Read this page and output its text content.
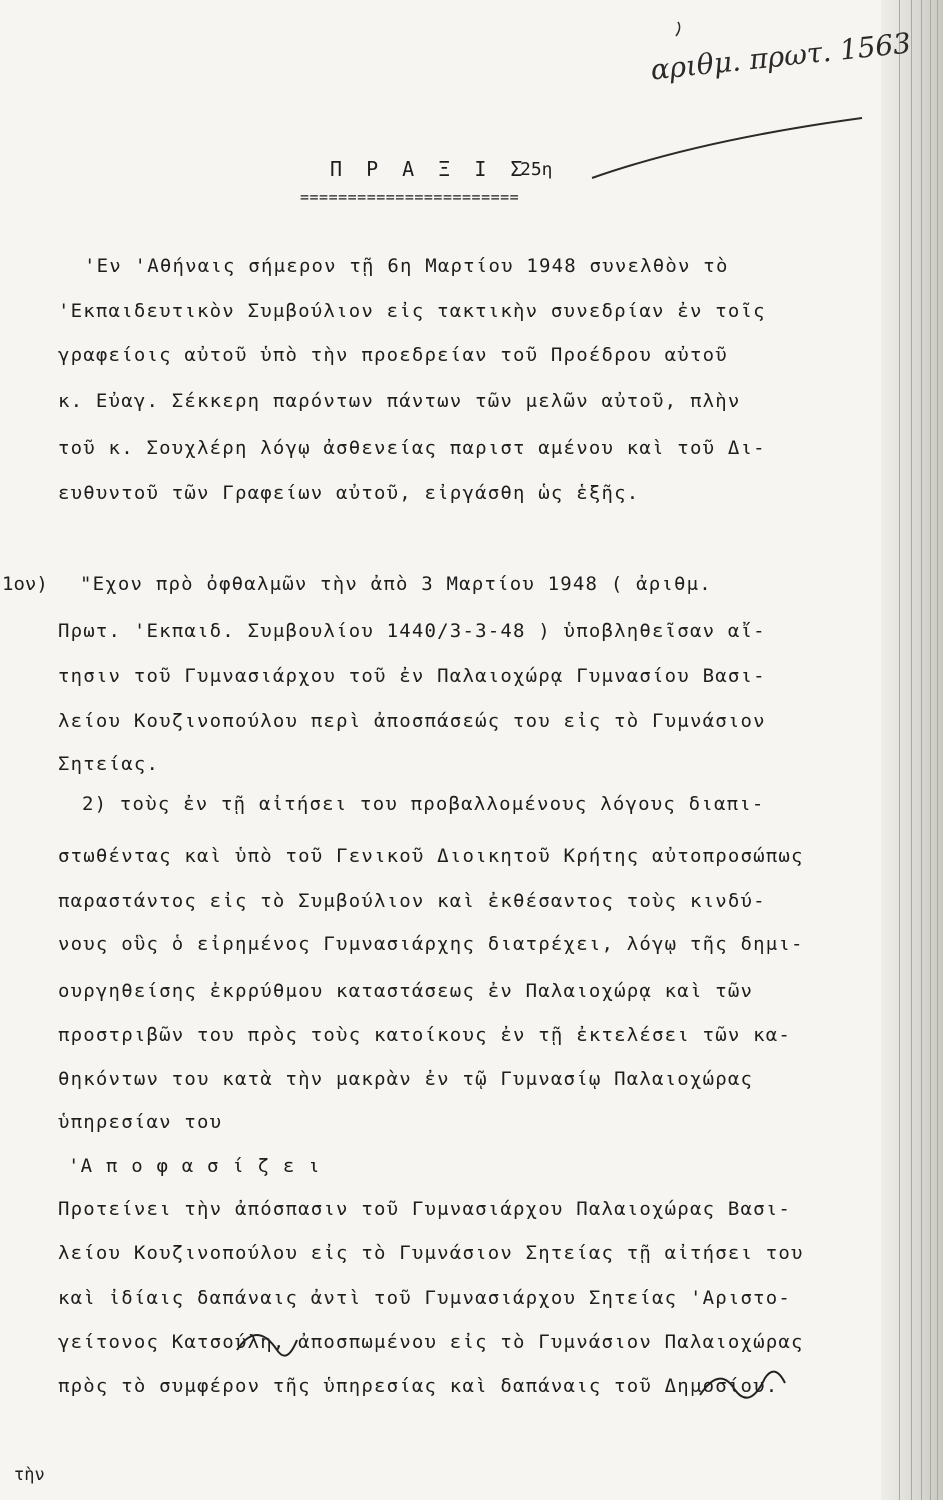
αριθμ. πρωτ. 1563
Π Ρ Α Ξ Ι Σ
25η
=======================
'Εν 'Αθήναις σήμερον τῇ 6η Μαρτίου 1948 συνελθὸν τὸ
'Εκπαιδευτικὸν Συμβούλιον εἰς τακτικὴν συνεδρίαν ἐν τοῖς
γραφείοις αὐτοῦ ὑπὸ τὴν προεδρείαν τοῦ Προέδρου αὐτοῦ
κ. Εὐαγ. Σέκκερη παρόντων πάντων τῶν μελῶν αὐτοῦ, πλὴν
τοῦ κ. Σουχλέρη λόγῳ ἀσθενείας παριστ αμένου καὶ τοῦ Δι-
ευθυντοῦ τῶν Γραφείων αὐτοῦ, εἰργάσθη ὡς ἑξῆς.
1ον) "Εχον πρὸ ὀφθαλμῶν τὴν ἀπὸ 3 Μαρτίου 1948 ( ἀριθμ.
Πρωτ. 'Εκπαιδ. Συμβουλίου 1440/3-3-48 ) ὑποβληθεῖσαν αἴ-
τησιν τοῦ Γυμνασιάρχου τοῦ ἐν Παλαιοχώρᾳ Γυμνασίου Βασι-
λείου Κουζινοπούλου περὶ ἀποσπάσεώς του εἰς τὸ Γυμνάσιον
Σητείας.
2) τοὺς ἐν τῇ αἰτήσει του προβαλλομένους λόγους διαπι-
στωθέντας καὶ ὑπὸ τοῦ Γενικοῦ Διοικητοῦ Κρήτης αὐτοπροσώπως
παραστάντος εἰς τὸ Συμβούλιον καὶ ἐκθέσαντος τοὺς κινδύ-
νους οὓς ὁ εἰρημένος Γυμνασιάρχης διατρέχει, λόγῳ τῆς δημι-
ουργηθείσης ἐκρρύθμου καταστάσεως ἐν Παλαιοχώρᾳ καὶ τῶν
προστριβῶν του πρὸς τοὺς κατοίκους ἐν τῇ ἐκτελέσει τῶν κα-
θηκόντων του κατὰ τὴν μακρὰν ἐν τῷ Γυμνασίῳ Παλαιοχώρας
ὑπηρεσίαν του
'Α π ο φ α σ ί ζ ε ι
Προτείνει τὴν ἀπόσπασιν τοῦ Γυμνασιάρχου Παλαιοχώρας Βασι-
λείου Κουζινοπούλου εἰς τὸ Γυμνάσιον Σητείας τῇ αἰτήσει του
καὶ ἰδίαις δαπάναις ἀντὶ τοῦ Γυμνασιάρχου Σητείας 'Αριστο-
γείτονος Κατσούλη, ἀποσπωμένου εἰς τὸ Γυμνάσιον Παλαιοχώρας
πρὸς τὸ συμφέρον τῆς ὑπηρεσίας καὶ δαπάναις τοῦ Δημοσίου.
τὴν
